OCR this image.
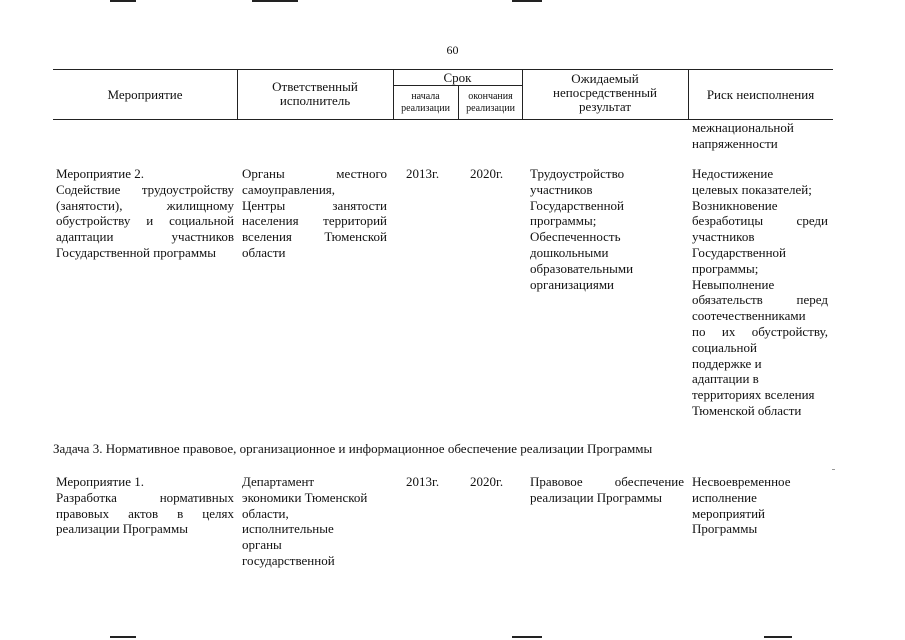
60
Мероприятие
Ответственный исполнитель
Срок
начала реализации
окончания реализации
Ожидаемый непосредственный результат
Риск неисполнения
межнациональной
напряженности
Мероприятие 2.
Содействие трудоустройству
(занятости), жилищному
обустройству и социальной
адаптации участников
Государственной программы
Органы местного
самоуправления,
Центры занятости
населения территорий
вселения Тюменской
области
2013г. 2020г. Трудоустройство
участников
Государственной
программы;
Обеспеченность
дошкольными
образовательными
организациями
Недостижение
целевых показателей;
Возникновение
безработицы среди
участников
Государственной
программы;
Невыполнение
обязательств перед
соотечественниками
по их обустройству,
социальной
поддержке и
адаптации в
территориях вселения
Тюменской области
Задача 3. Нормативное правовое, организационное и информационное обеспечение реализации Программы
Мероприятие 1.
Разработка нормативных
правовых актов в целях
реализации Программы
Департамент
экономики Тюменской
области,
исполнительные
органы
государственной
2013г. 2020г. Правовое обеспечение
реализации Программы
Несвоевременное
исполнение
мероприятий
Программы
